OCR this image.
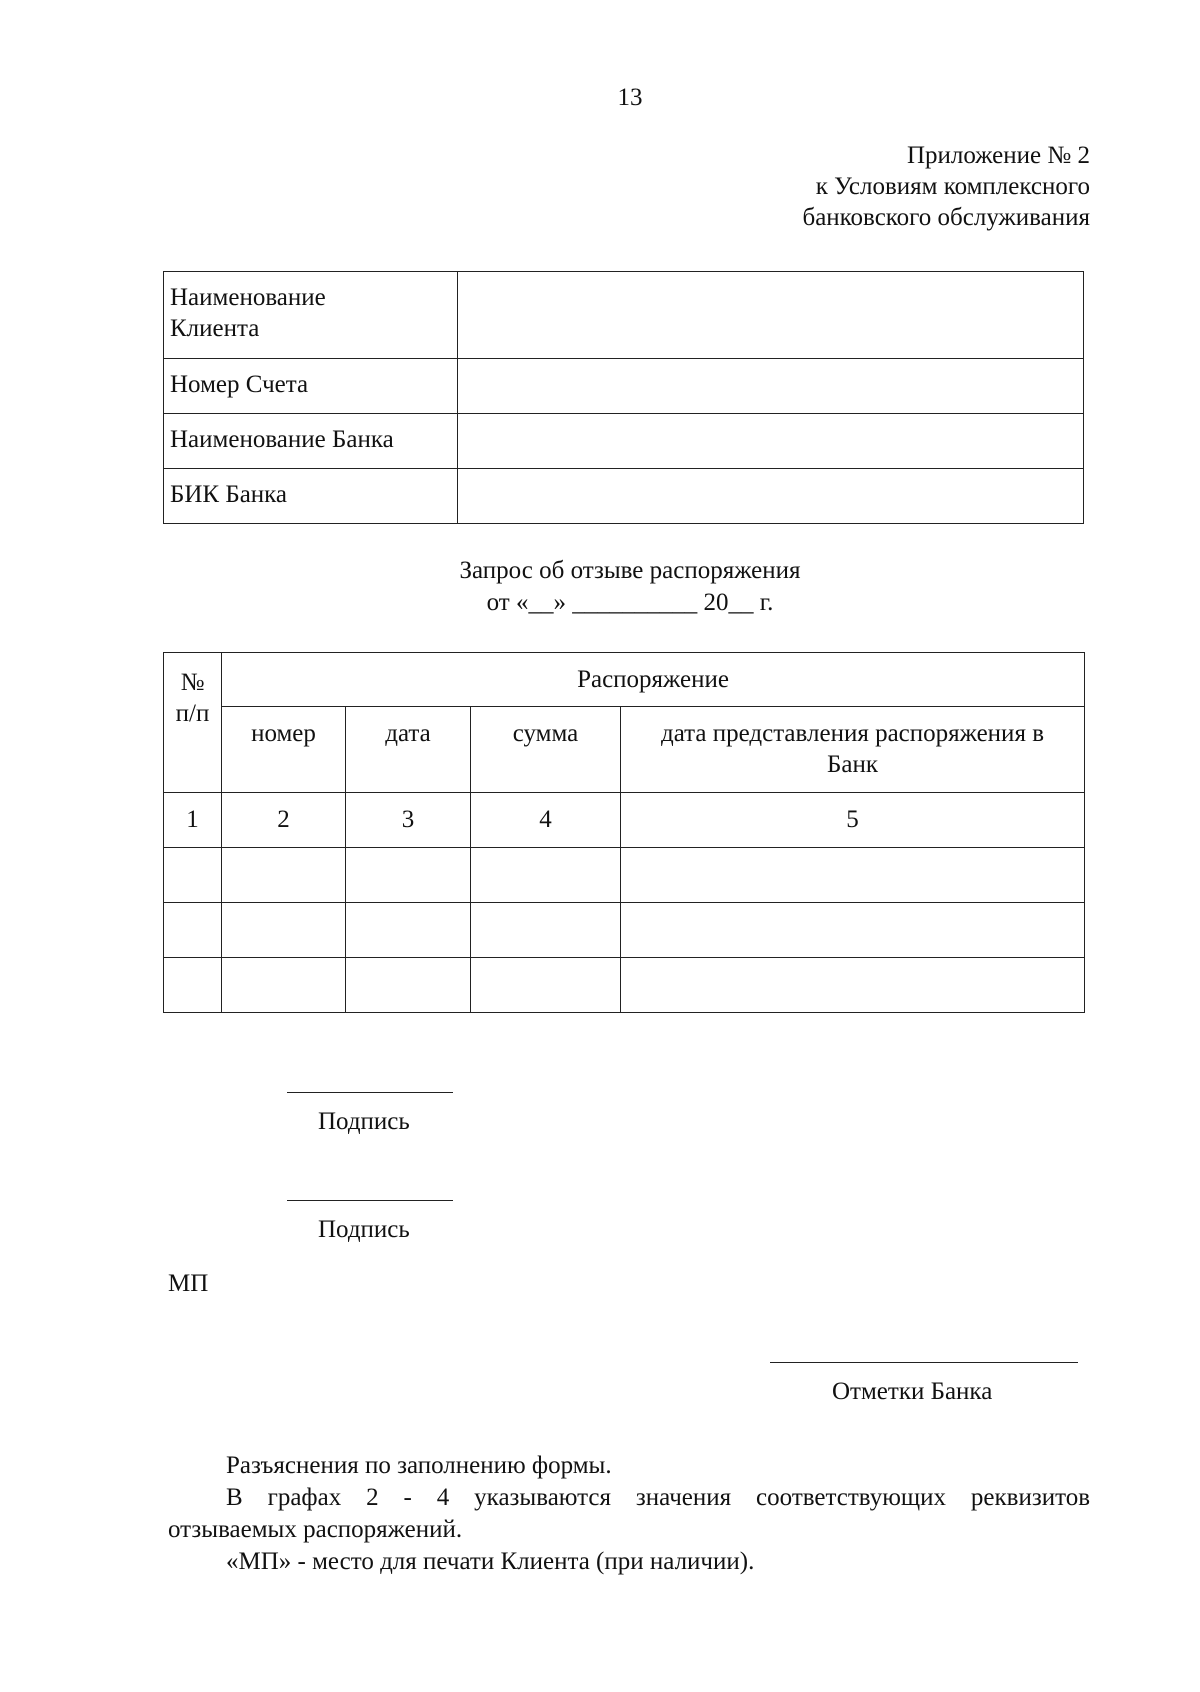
13
Приложение № 2
к Условиям комплексного
банковского обслуживания
Наименование
Клиента	

Номер Счета	
Наименование Банка	
БИК Банка	
Запрос об отзыве распоряжения
от «__» __________ 20__ г.
№
п/п	Распоряжение			
	номер	дата	сумма	дата представления распоряжения в
Банк

1	2	3	4	5

Подпись
Подпись
МП
Отметки Банка
Разъяснения по заполнению формы.
В графах 2 - 4 указываются значения соответствующих реквизитов
отзываемых распоряжений.
«МП» - место для печати Клиента (при наличии).
